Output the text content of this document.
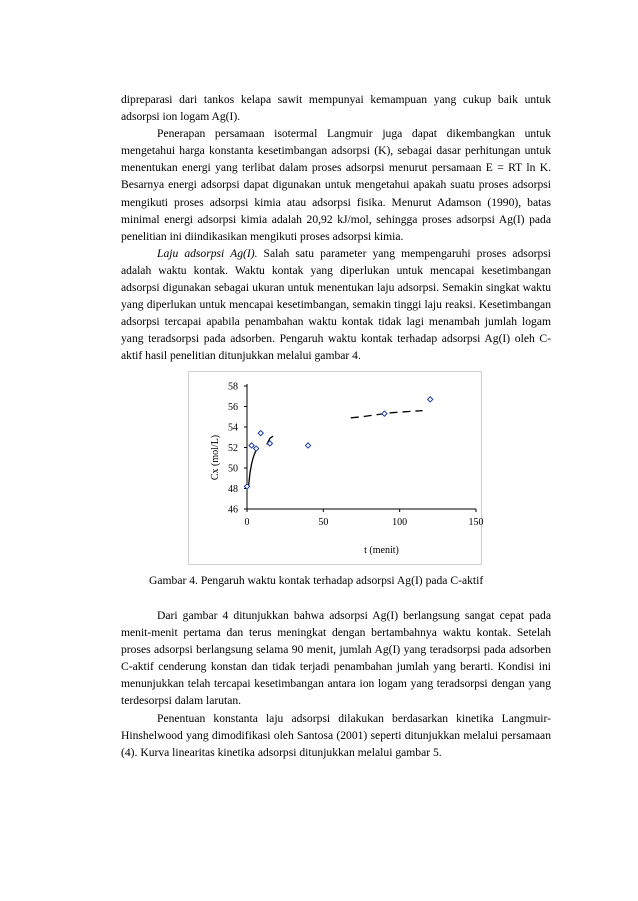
dipreparasi dari tankos kelapa sawit mempunyai kemampuan yang cukup baik untuk adsorpsi ion logam Ag(I).

Penerapan persamaan isotermal Langmuir juga dapat dikembangkan untuk mengetahui harga konstanta kesetimbangan adsorpsi (K), sebagai dasar perhitungan untuk menentukan energi yang terlibat dalam proses adsorpsi menurut persamaan E = RT ln K. Besarnya energi adsorpsi dapat digunakan untuk mengetahui apakah suatu proses adsorpsi mengikuti proses adsorpsi kimia atau adsorpsi fisika. Menurut Adamson (1990), batas minimal energi adsorpsi kimia adalah 20,92 kJ/mol, sehingga proses adsorpsi Ag(I) pada penelitian ini diindikasikan mengikuti proses adsorpsi kimia.

Laju adsorpsi Ag(I). Salah satu parameter yang mempengaruhi proses adsorpsi adalah waktu kontak. Waktu kontak yang diperlukan untuk mencapai kesetimbangan adsorpsi digunakan sebagai ukuran untuk menentukan laju adsorpsi. Semakin singkat waktu yang diperlukan untuk mencapai kesetimbangan, semakin tinggi laju reaksi. Kesetimbangan adsorpsi tercapai apabila penambahan waktu kontak tidak lagi menambah jumlah logam yang teradsorpsi pada adsorben. Pengaruh waktu kontak terhadap adsorpsi Ag(I) oleh C-aktif hasil penelitian ditunjukkan melalui gambar 4.

46
48
50
52
54
56
58
0	50	100	150
t (menit)
Cx (mol/L)
Gambar 4. Pengaruh waktu kontak terhadap adsorpsi Ag(I) pada C-aktif

Dari gambar 4 ditunjukkan bahwa adsorpsi Ag(I) berlangsung sangat cepat pada menit-menit pertama dan terus meningkat dengan bertambahnya waktu kontak. Setelah proses adsorpsi berlangsung selama 90 menit, jumlah Ag(I) yang teradsorpsi pada adsorben C-aktif cenderung konstan dan tidak terjadi penambahan jumlah yang berarti. Kondisi ini menunjukkan telah tercapai kesetimbangan antara ion logam yang teradsorpsi dengan yang terdesorpsi dalam larutan.

Penentuan konstanta laju adsorpsi dilakukan berdasarkan kinetika Langmuir-Hinshelwood yang dimodifikasi oleh Santosa (2001) seperti ditunjukkan melalui persamaan (4). Kurva linearitas kinetika adsorpsi ditunjukkan melalui gambar 5.
